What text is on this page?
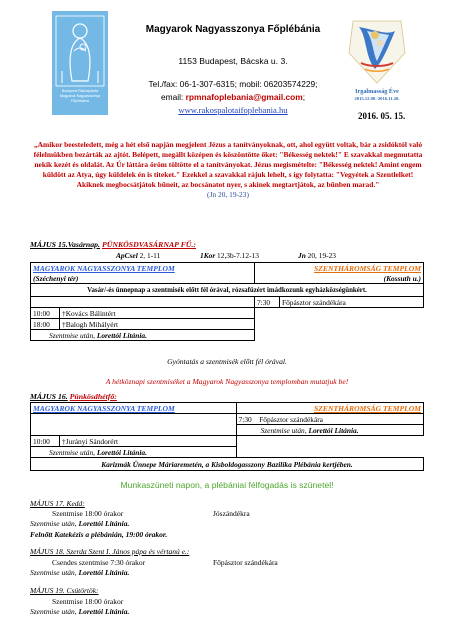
Budapest-Rákospalota Magyarok Nagyasszonya Főplébánia
Magyarok Nagyasszonya Főplébánia
1153 Budapest, Bácska u. 3.
Tel./fax: 06-1-307-6315; mobil: 06203574229;
email: rpmnafoplebania@gmail.com;
www.rakospalotaifoplebania.hu
Irgalmasság Éve
2015.12.08.-2016.11.20.
2016. 05. 15.
„Amikor beesteledett, még a hét első napján megjelent Jézus a tanítványoknak, ott, ahol együtt voltak, bár a zsidóktól való félelmükben bezárták az ajtót. Belépett, megállt középen és köszöntötte őket: "Békesség nektek!" E szavakkal megmutatta nekik kezét és oldalát. Az Úr láttára öröm töltötte el a tanítványokat. Jézus megismételte: "Békesség nektek! Amint engem küldött az Atya, úgy küldelek én is titeket." Ezekkel a szavakkal rájuk lehelt, s így folytatta: "Vegyétek a Szentlelket! Akiknek megbocsátjátok bűneit, az bocsánatot nyer, s akinek megtartjátok, az bűnben marad."
(Jn 20, 19-23)
MÁJUS 15.Vasárnap. PÜNKÖSDVASÁRNAP FŰ.:
ApCsel 2, 1-11	1Kor 12,3b-7.12-13	Jn 20, 19-23
MAGYAROK NAGYASSZONYA TEMPLOM		SZENTHÁROMSÁG TEMPLOM	
(Széchenyi tér)		(Kossuth u.)	
Vasár/-és ünnepnap a szentmisék előtt fél órával, rózsafüzért imádkozunk egyházközségünkért.			
		7:30	Főpásztor szándékára
10:00	†Kovács Bálintért		
18:00	†Balogh Mihályért		
Szentmise után, Lorettói Litánia.			
Gyóntatás a szentmisék előtt fél órával.
A hétköznapi szentmiséket a Magyarok Nagyasszonya templomban mutatjuk be!
MÁJUS 16. Pünkösdhétfő:
MAGYAROK NAGYASSZONYA TEMPLOM		SZENTHÁROMSÁG TEMPLOM
		7:30 Főpásztor szándékára
		Szentmise után, Lorettói Litánia.
10:00	†Jurányi Sándorért	
Szentmise után, Lorettói Litánia.		
Karizmák Ünnepe Máriaremetén, a Kisboldogasszony Bazilika Plébánia kertjében.		
Munkaszüneti napon, a plébániai félfogadás is szünetel!
MÁJUS 17. Kedd:
Szentmise 18:00 órakor	Jószándékra
Szentmise után, Lorettói Litánia.
Felnőtt Katekézis a plébánián, 19:00 órakor.
MÁJUS 18. Szerda Szent I. János pápa és vértanú e.:
Csendes szentmise 7:30 órakor	Főpásztor szándékára
Szentmise után, Lorettói Litánia.
MÁJUS 19. Csütörtök:
Szentmise 18:00 órakor
Szentmise után, Lorettói Litánia.
